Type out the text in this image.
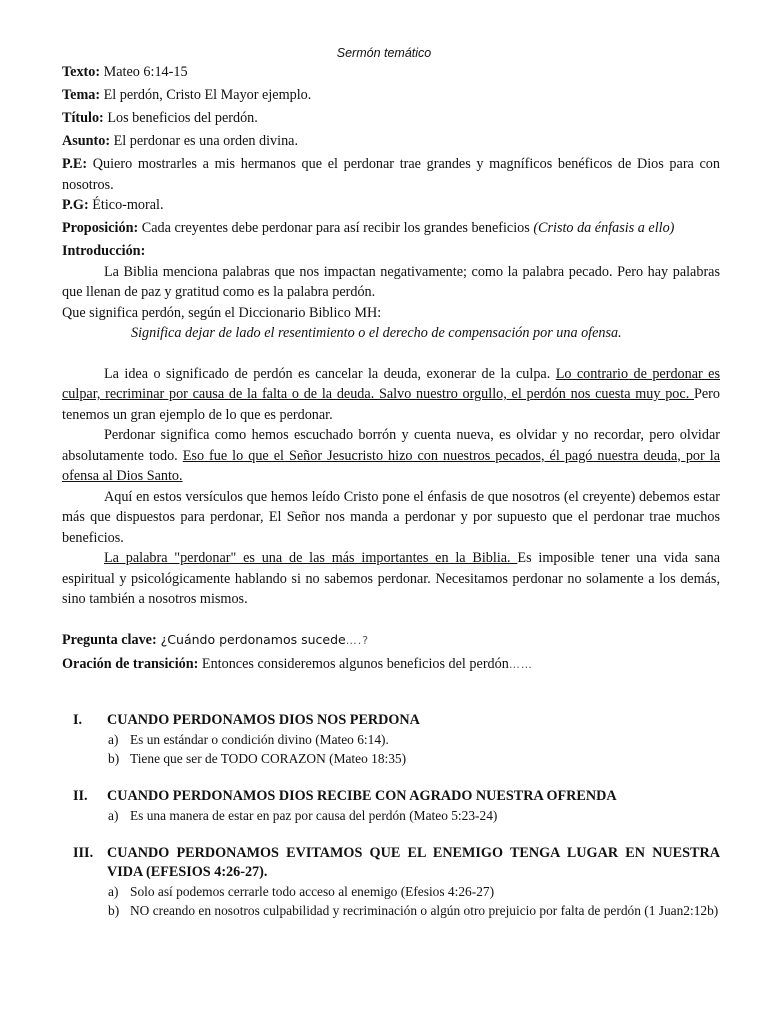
Sermón temático

Texto: Mateo 6:14-15

Tema: El perdón, Cristo El Mayor ejemplo.

Título: Los beneficios del perdón.

Asunto: El perdonar es una orden divina.

P.E: Quiero mostrarles a mis hermanos que el perdonar trae grandes y magníficos benéficos de Dios para con nosotros.

P.G: Ético-moral.

Proposición: Cada creyentes debe perdonar para así recibir los grandes beneficios (Cristo da énfasis a ello)

Introducción:

La Biblia menciona palabras que nos impactan negativamente; como la palabra pecado. Pero hay palabras que llenan de paz y gratitud como es la palabra perdón.

Que significa perdón, según el Diccionario Biblico MH:

Significa dejar de lado el resentimiento o el derecho de compensación por una ofensa.

La idea o significado de perdón es cancelar la deuda, exonerar de la culpa. Lo contrario de perdonar es culpar, recriminar por causa de la falta o de la deuda. Salvo nuestro orgullo, el perdón nos cuesta muy poc. Pero tenemos un gran ejemplo de lo que es perdonar.

Perdonar significa como hemos escuchado borrón y cuenta nueva, es olvidar y no recordar, pero olvidar absolutamente todo. Eso fue lo que el Señor Jesucristo hizo con nuestros pecados, él pagó nuestra deuda, por la ofensa al Dios Santo.

Aquí en estos versículos que hemos leído Cristo pone el énfasis de que nosotros (el creyente) debemos estar más que dispuestos para perdonar, El Señor nos manda a perdonar y por supuesto que el perdonar trae muchos beneficios.

La palabra "perdonar" es una de las más importantes en la Biblia. Es imposible tener una vida sana espiritual y psicológicamente hablando si no sabemos perdonar. Necesitamos perdonar no solamente a los demás, sino también a nosotros mismos.

Pregunta clave: ¿Cuándo perdonamos sucede….?

Oración de transición: Entonces consideremos algunos beneficios del perdón……

I.	CUANDO PERDONAMOS DIOS NOS PERDONA
a) Es un estándar o condición divino (Mateo 6:14).
b) Tiene que ser de TODO CORAZON (Mateo 18:35)
II.	CUANDO PERDONAMOS DIOS RECIBE CON AGRADO NUESTRA OFRENDA
a) Es una manera de estar en paz por causa del perdón (Mateo 5:23-24)
III. CUANDO PERDONAMOS EVITAMOS QUE EL ENEMIGO TENGA LUGAR EN NUESTRA VIDA (EFESIOS 4:26-27).
a) Solo así podemos cerrarle todo acceso al enemigo (Efesios 4:26-27)
b) NO creando en nosotros culpabilidad y recriminación o algún otro prejuicio por falta de perdón (1 Juan2:12b)
